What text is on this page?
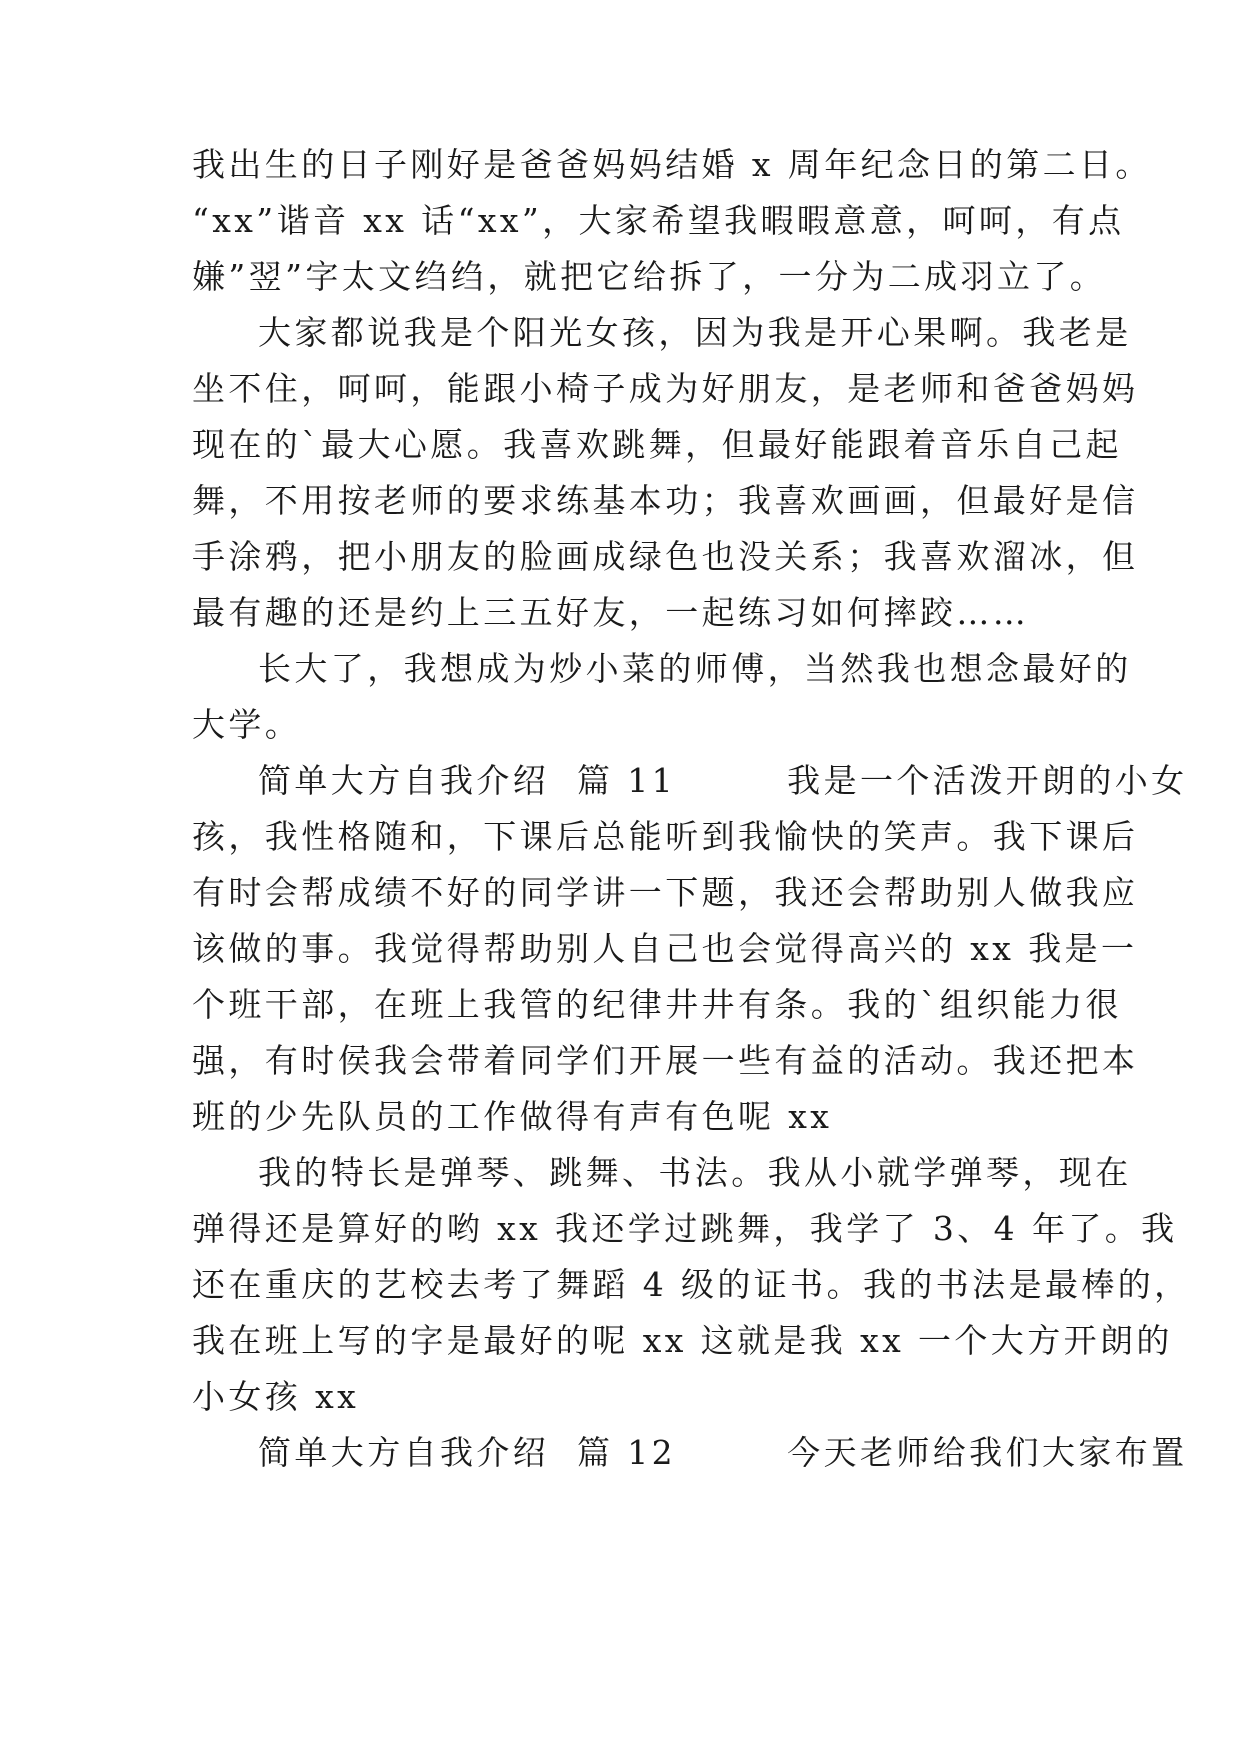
我出生的日子刚好是爸爸妈妈结婚 x 周年纪念日的第二日。
“xx”谐音 xx 话“xx”，大家希望我暇暇意意，呵呵，有点
嫌”翌”字太文绉绉，就把它给拆了，一分为二成羽立了。
大家都说我是个阳光女孩，因为我是开心果啊。我老是
坐不住，呵呵，能跟小椅子成为好朋友，是老师和爸爸妈妈
现在的`最大心愿。我喜欢跳舞，但最好能跟着音乐自己起
舞，不用按老师的要求练基本功；我喜欢画画，但最好是信
手涂鸦，把小朋友的脸画成绿色也没关系；我喜欢溜冰，但
最有趣的还是约上三五好友，一起练习如何摔跤……
长大了，我想成为炒小菜的师傅，当然我也想念最好的
大学。
简单大方自我介绍  篇 11        我是一个活泼开朗的小女
孩，我性格随和，下课后总能听到我愉快的笑声。我下课后
有时会帮成绩不好的同学讲一下题，我还会帮助别人做我应
该做的事。我觉得帮助别人自己也会觉得高兴的 xx 我是一
个班干部，在班上我管的纪律井井有条。我的`组织能力很
强，有时侯我会带着同学们开展一些有益的活动。我还把本
班的少先队员的工作做得有声有色呢 xx
我的特长是弹琴、跳舞、书法。我从小就学弹琴，现在
弹得还是算好的哟 xx 我还学过跳舞，我学了 3、4 年了。我
还在重庆的艺校去考了舞蹈 4 级的证书。我的书法是最棒的，
我在班上写的字是最好的呢 xx 这就是我 xx 一个大方开朗的
小女孩 xx
简单大方自我介绍  篇 12        今天老师给我们大家布置
